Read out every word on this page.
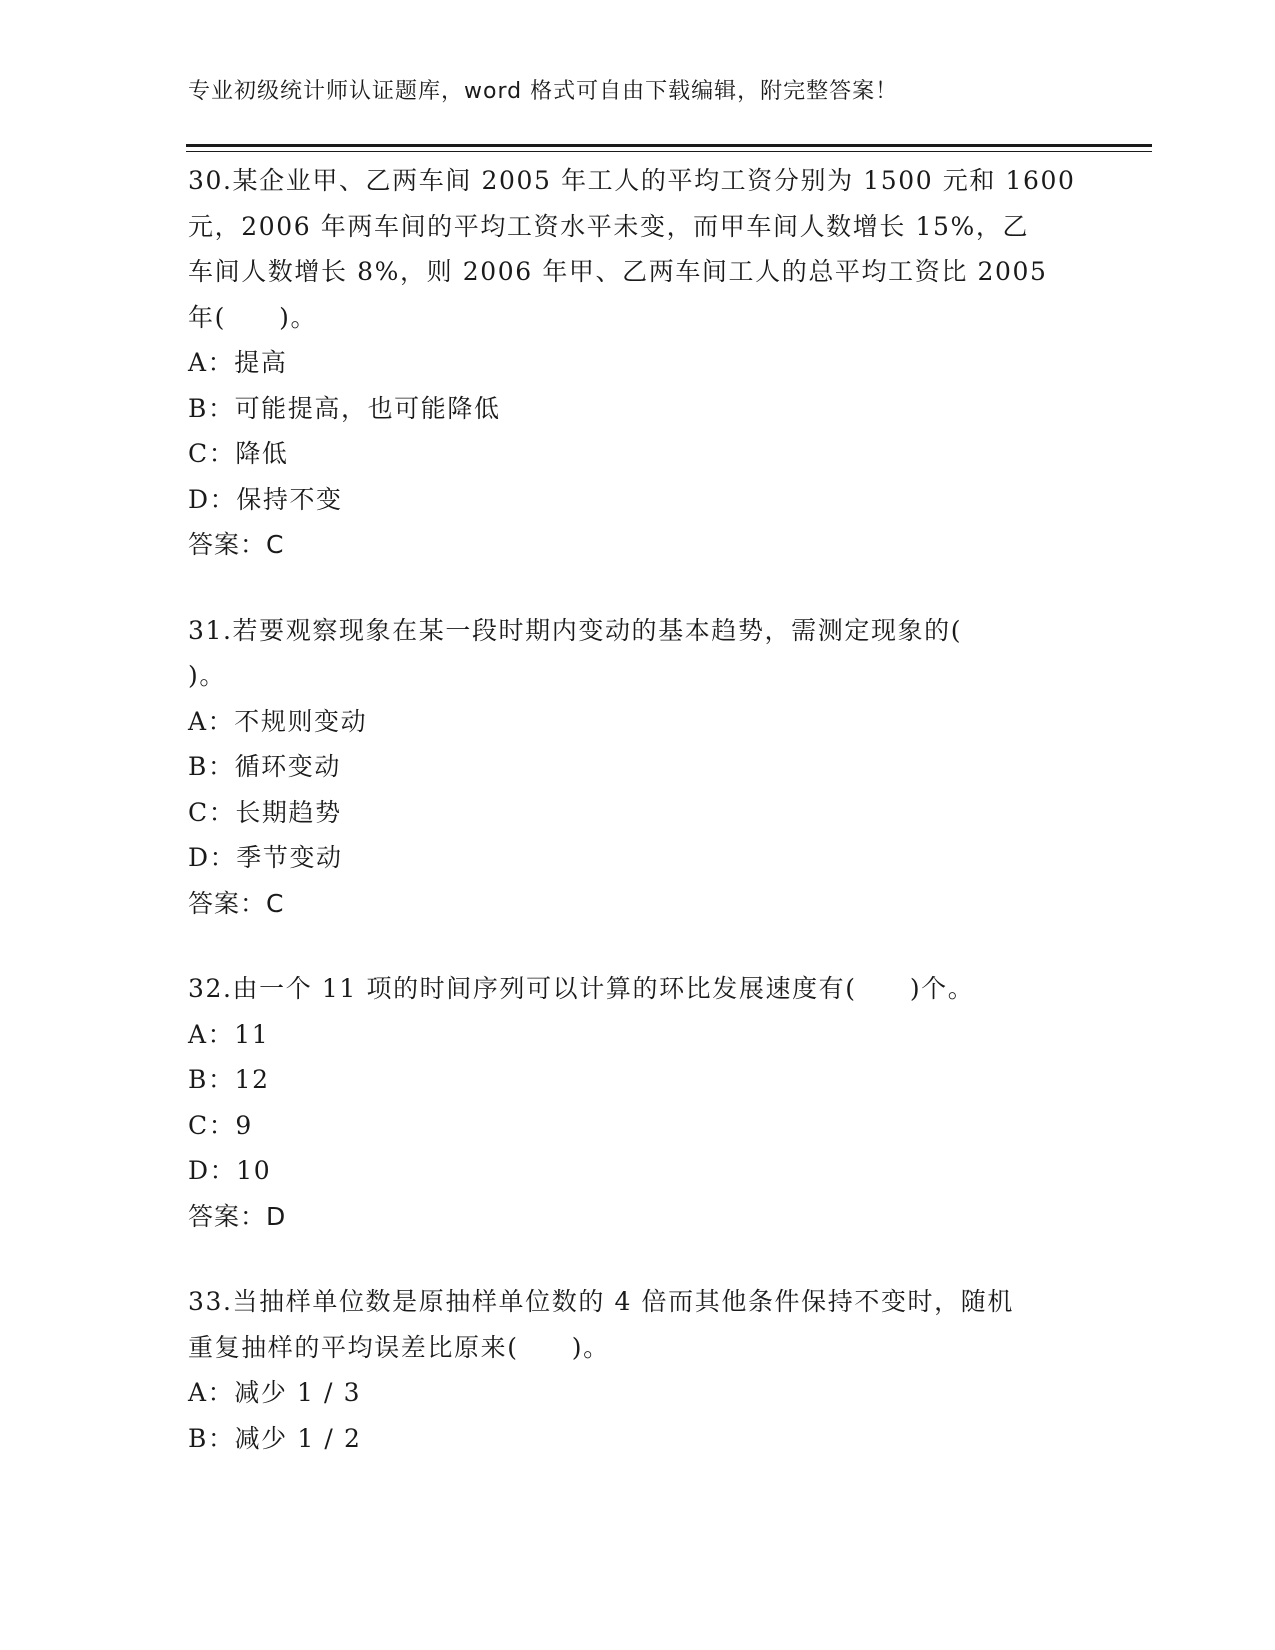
专业初级统计师认证题库，word 格式可自由下载编辑，附完整答案！
30.某企业甲、乙两车间 2005 年工人的平均工资分别为 1500 元和 1600
元，2006 年两车间的平均工资水平未变，而甲车间人数增长 15%，乙
车间人数增长 8%，则 2006 年甲、乙两车间工人的总平均工资比 2005
年(　　)。
A：提高
B：可能提高，也可能降低
C：降低
D：保持不变
答案：C
31.若要观察现象在某一段时期内变动的基本趋势，需测定现象的(
)。
A：不规则变动
B：循环变动
C：长期趋势
D：季节变动
答案：C
32.由一个 11 项的时间序列可以计算的环比发展速度有(　　)个。
A：11
B：12
C：9
D：10
答案：D
33.当抽样单位数是原抽样单位数的 4 倍而其他条件保持不变时，随机
重复抽样的平均误差比原来(　　)。
A：减少 1 / 3
B：减少 1 / 2
